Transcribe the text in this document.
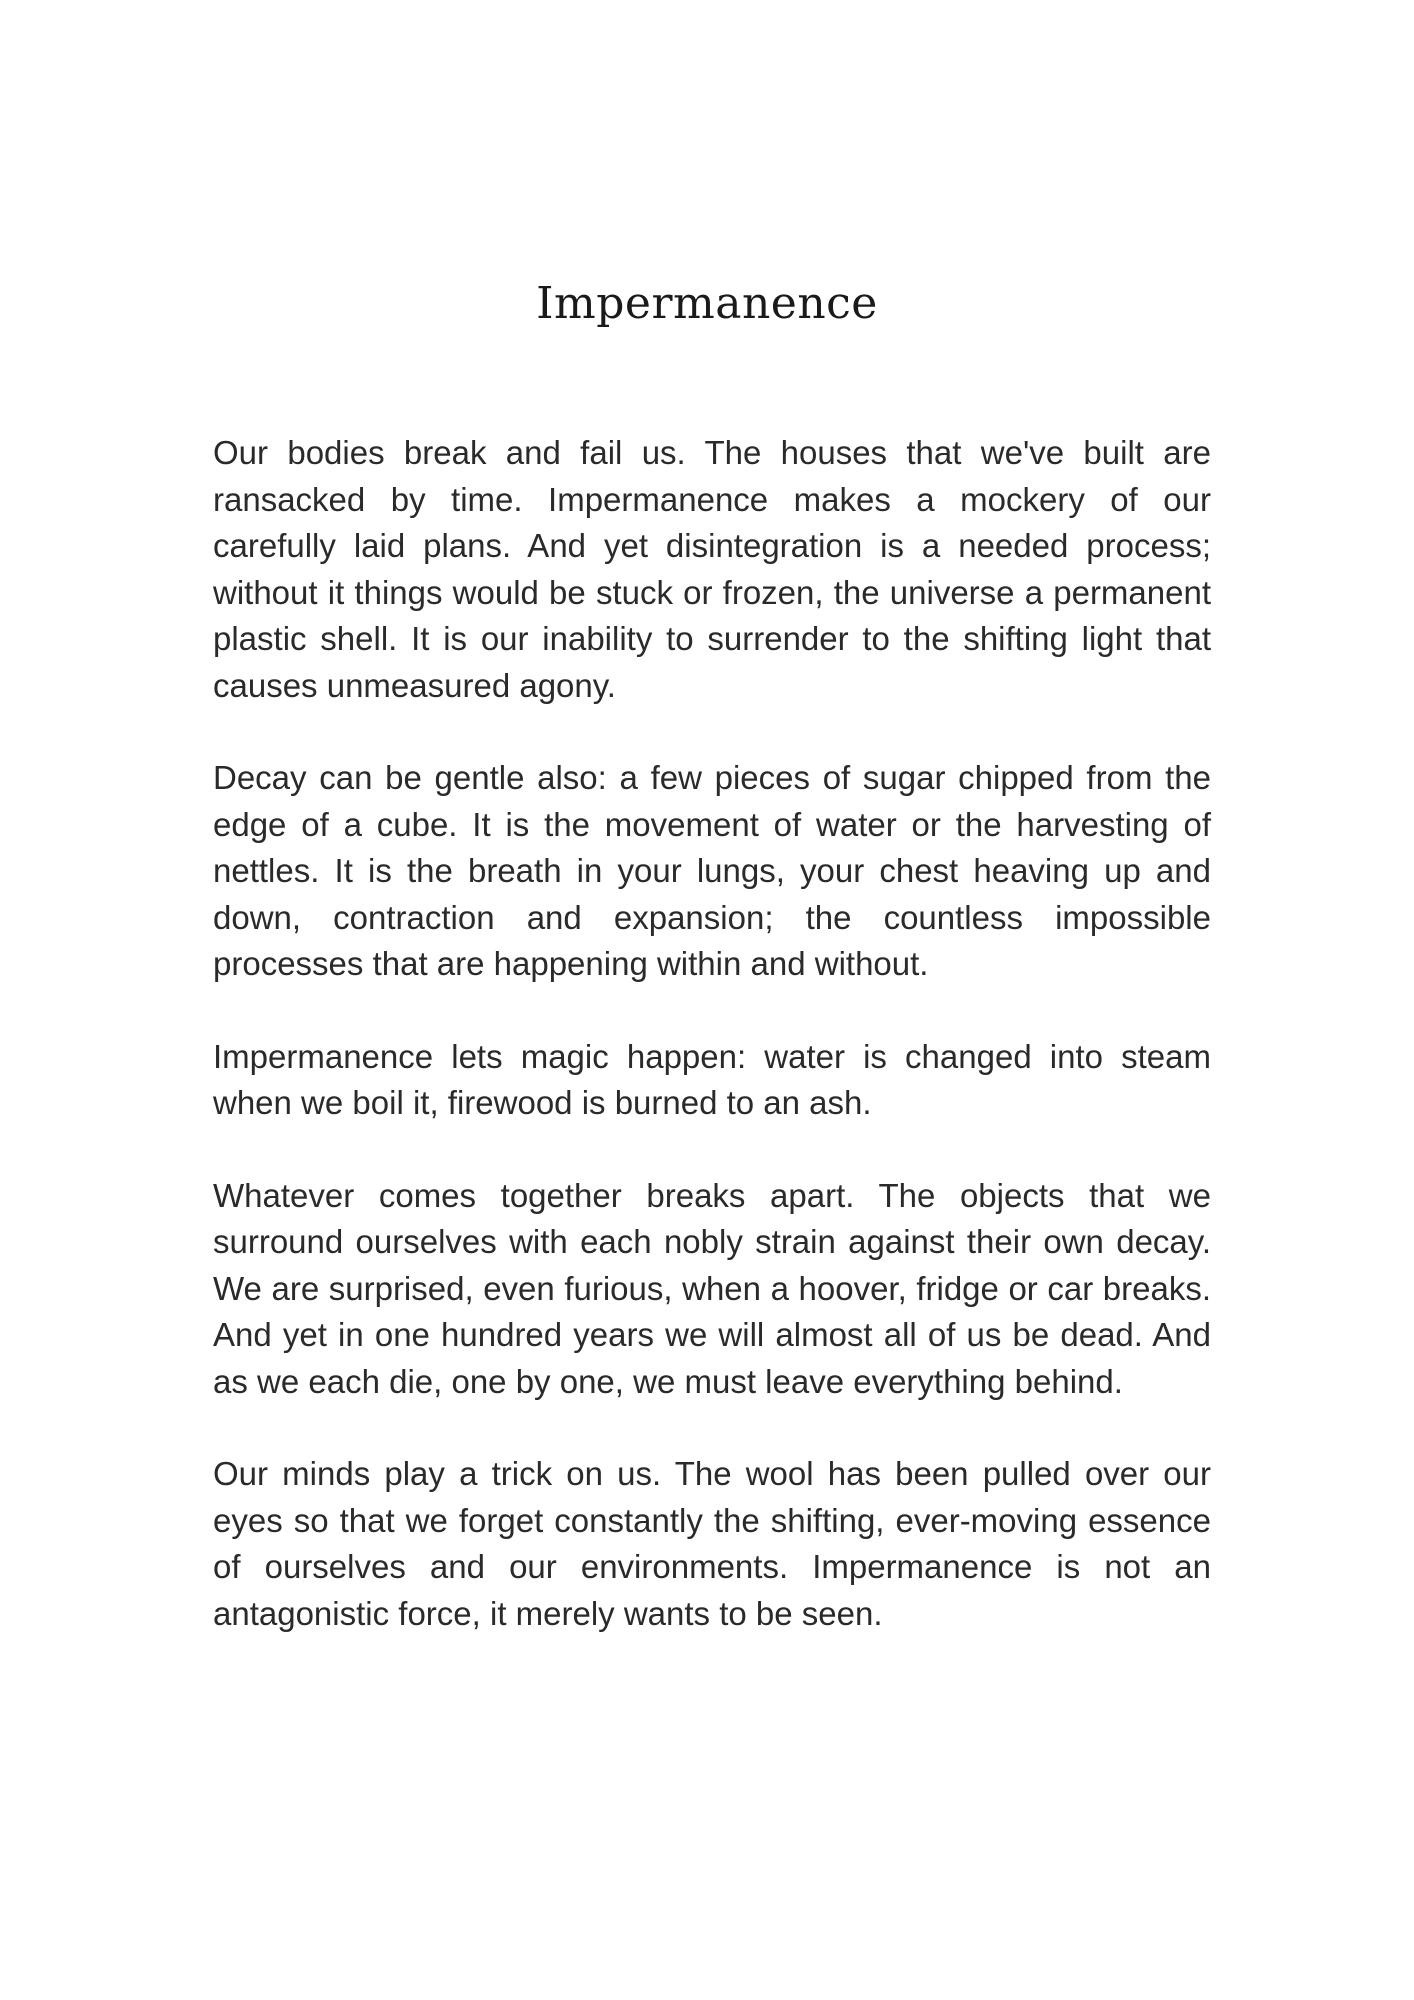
Impermanence

Our bodies break and fail us. The houses that we've built are ransacked by time. Impermanence makes a mockery of our carefully laid plans. And yet disintegration is a needed process; without it things would be stuck or frozen, the universe a permanent plastic shell. It is our inability to surrender to the shifting light that causes unmeasured agony.

Decay can be gentle also: a few pieces of sugar chipped from the edge of a cube. It is the movement of water or the harvesting of nettles. It is the breath in your lungs, your chest heaving up and down, contraction and expansion; the countless impossible processes that are happening within and without.

Impermanence lets magic happen: water is changed into steam when we boil it, firewood is burned to an ash.

Whatever comes together breaks apart. The objects that we surround ourselves with each nobly strain against their own decay. We are surprised, even furious, when a hoover, fridge or car breaks. And yet in one hundred years we will almost all of us be dead. And as we each die, one by one, we must leave everything behind.

Our minds play a trick on us. The wool has been pulled over our eyes so that we forget constantly the shifting, ever-moving essence of ourselves and our environments. Impermanence is not an antagonistic force, it merely wants to be seen.
